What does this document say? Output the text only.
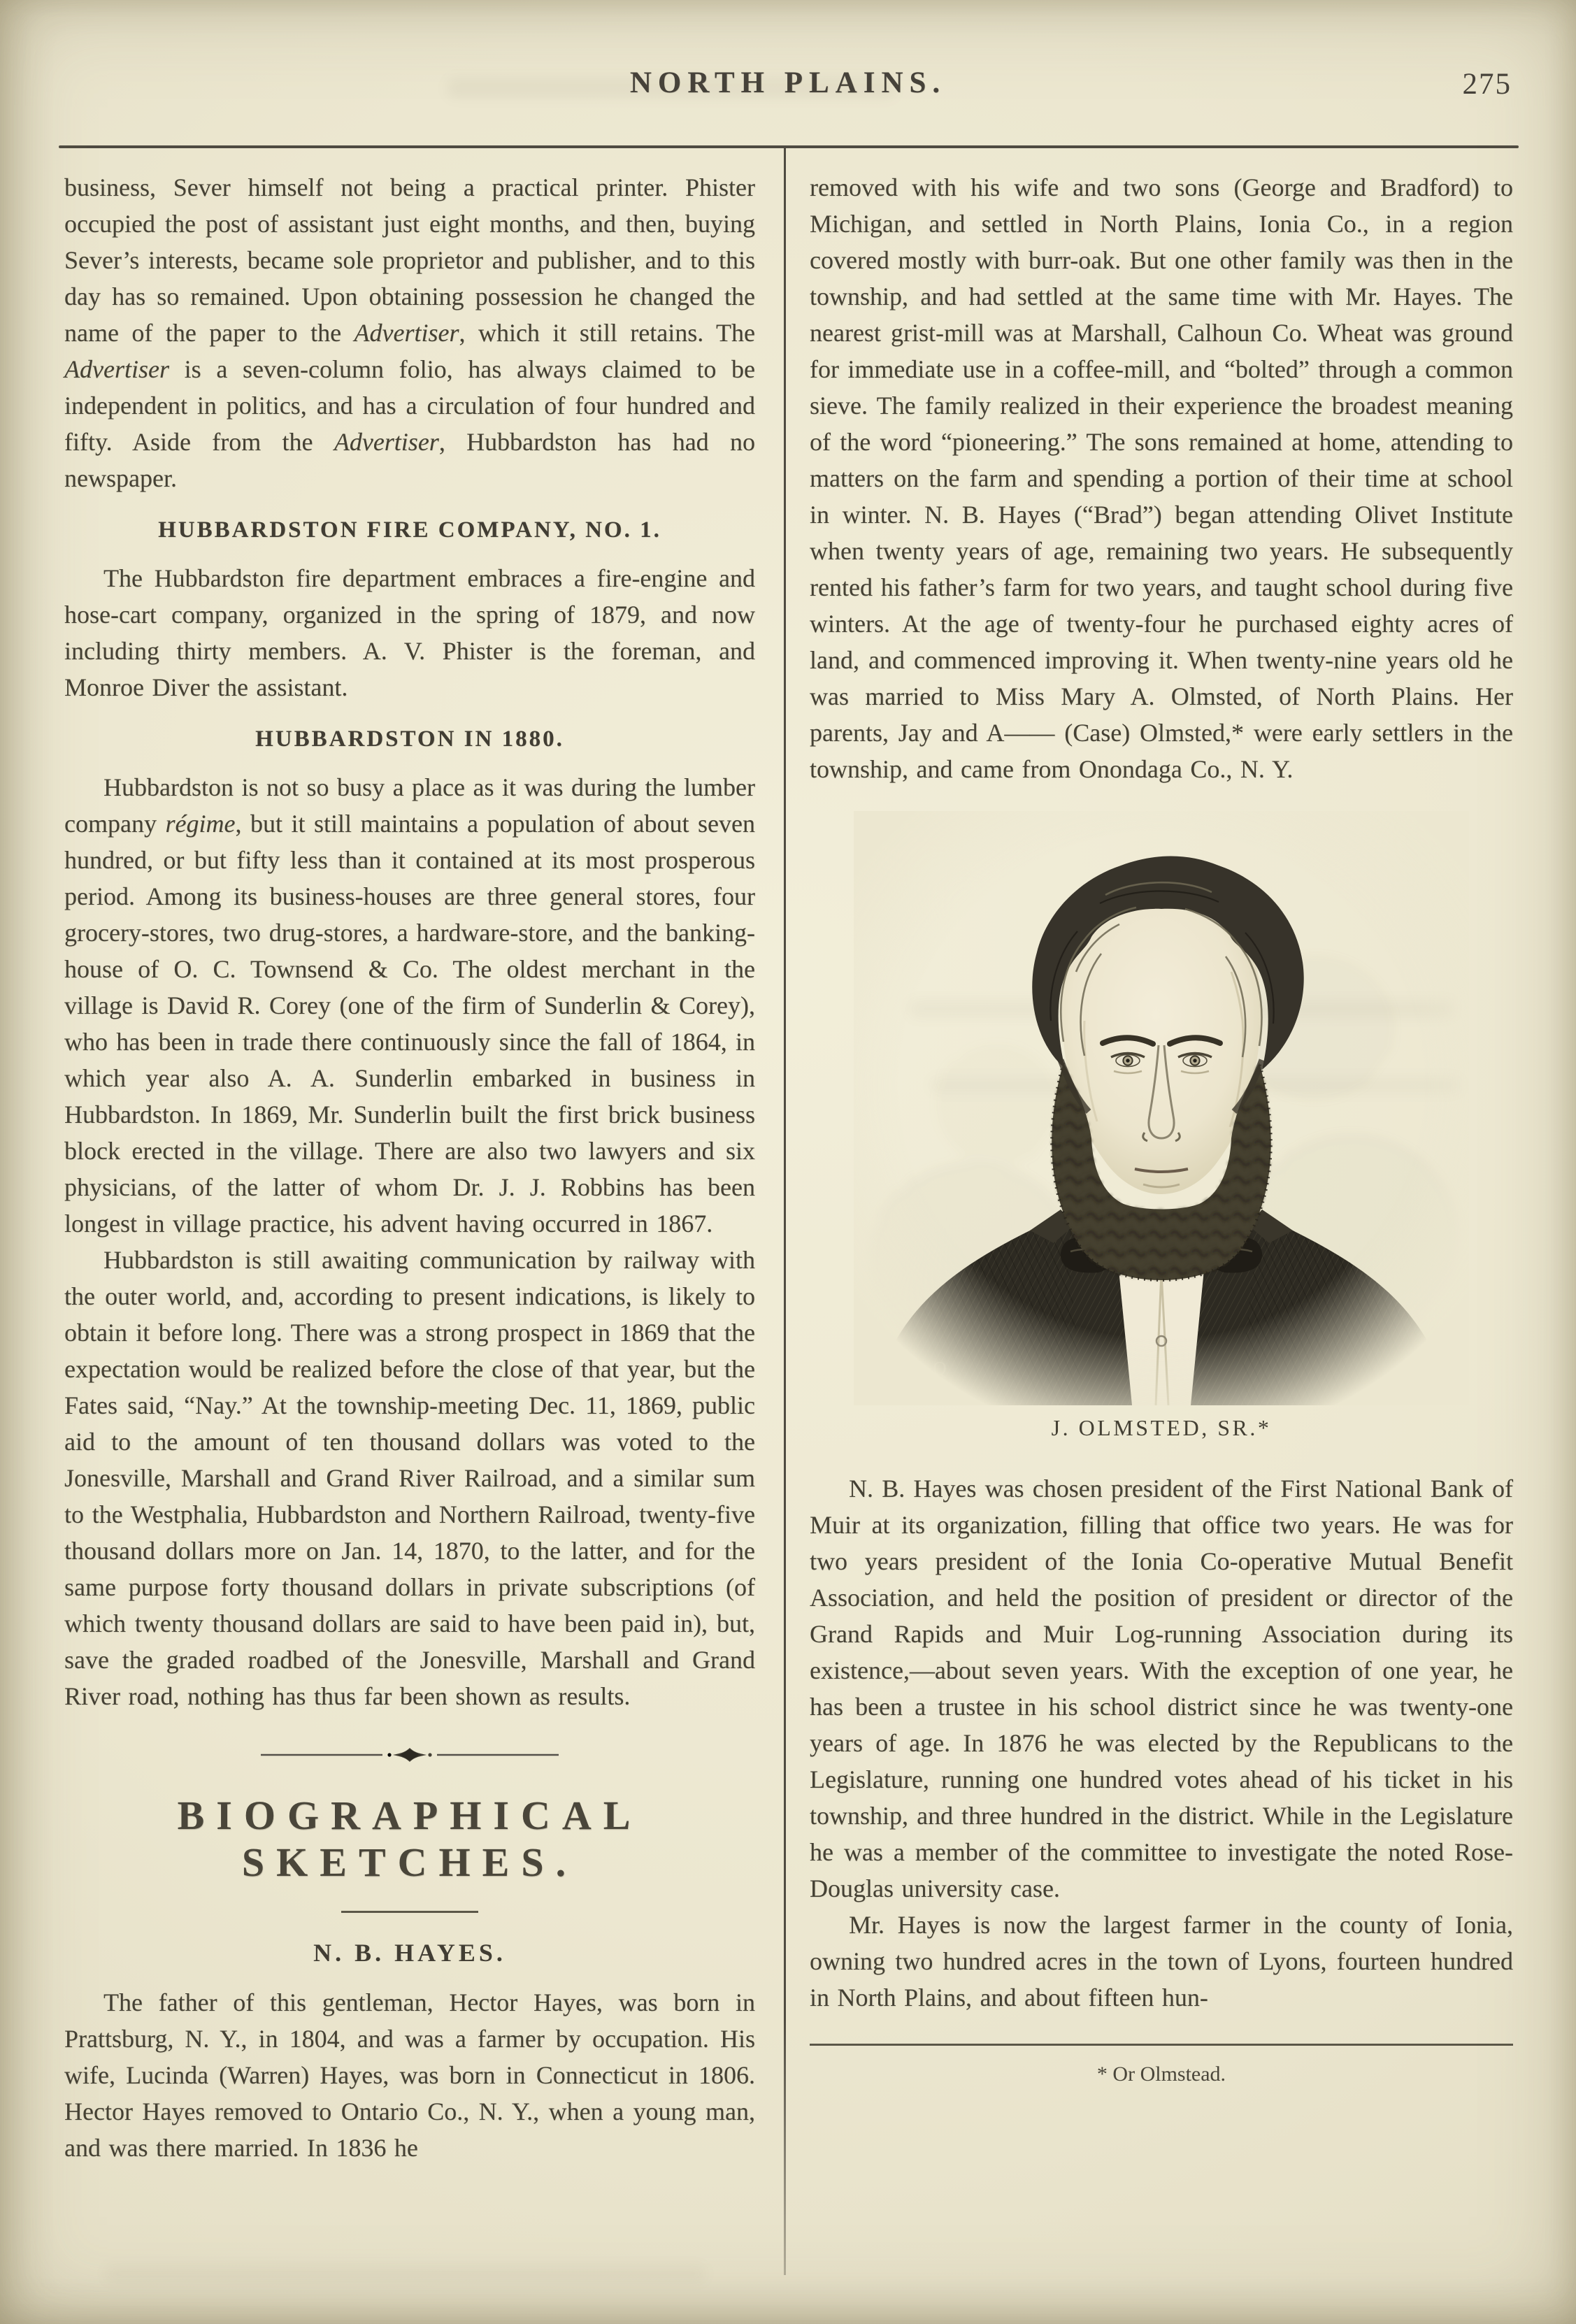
NORTH PLAINS.	275

business, Sever himself not being a practical printer. Phister occupied the post of assistant just eight months, and then, buying Sever’s interests, became sole proprietor and publisher, and to this day has so remained. Upon obtaining possession he changed the name of the paper to the Advertiser, which it still retains. The Advertiser is a seven-column folio, has always claimed to be independent in politics, and has a circulation of four hundred and fifty. Aside from the Advertiser, Hubbardston has had no newspaper.

HUBBARDSTON FIRE COMPANY, NO. 1.

The Hubbardston fire department embraces a fire-engine and hose-cart company, organized in the spring of 1879, and now including thirty members. A. V. Phister is the foreman, and Monroe Diver the assistant.

HUBBARDSTON IN 1880.

Hubbardston is not so busy a place as it was during the lumber company régime, but it still maintains a population of about seven hundred, or but fifty less than it contained at its most prosperous period. Among its business-houses are three general stores, four grocery-stores, two drug-stores, a hardware-store, and the banking-house of O. C. Townsend & Co. The oldest merchant in the village is David R. Corey (one of the firm of Sunderlin & Corey), who has been in trade there continuously since the fall of 1864, in which year also A. A. Sunderlin embarked in business in Hubbardston. In 1869, Mr. Sunderlin built the first brick business block erected in the village. There are also two lawyers and six physicians, of the latter of whom Dr. J. J. Robbins has been longest in village practice, his advent having occurred in 1867.

Hubbardston is still awaiting communication by railway with the outer world, and, according to present indications, is likely to obtain it before long. There was a strong prospect in 1869 that the expectation would be realized before the close of that year, but the Fates said, “Nay.” At the township-meeting Dec. 11, 1869, public aid to the amount of ten thousand dollars was voted to the Jonesville, Marshall and Grand River Railroad, and a similar sum to the Westphalia, Hubbardston and Northern Railroad, twenty-five thousand dollars more on Jan. 14, 1870, to the latter, and for the same purpose forty thousand dollars in private subscriptions (of which twenty thousand dollars are said to have been paid in), but, save the graded roadbed of the Jonesville, Marshall and Grand River road, nothing has thus far been shown as results.

BIOGRAPHICAL SKETCHES.
N. B. HAYES.

The father of this gentleman, Hector Hayes, was born in Prattsburg, N. Y., in 1804, and was a farmer by occupation. His wife, Lucinda (Warren) Hayes, was born in Connecticut in 1806. Hector Hayes removed to Ontario Co., N. Y., when a young man, and was there married. In 1836 he

removed with his wife and two sons (George and Bradford) to Michigan, and settled in North Plains, Ionia Co., in a region covered mostly with burr-oak. But one other family was then in the township, and had settled at the same time with Mr. Hayes. The nearest grist-mill was at Marshall, Calhoun Co. Wheat was ground for immediate use in a coffee-mill, and “bolted” through a common sieve. The family realized in their experience the broadest meaning of the word “pioneering.” The sons remained at home, attending to matters on the farm and spending a portion of their time at school in winter. N. B. Hayes (“Brad”) began attending Olivet Institute when twenty years of age, remaining two years. He subsequently rented his father’s farm for two years, and taught school during five winters. At the age of twenty-four he purchased eighty acres of land, and commenced improving it. When twenty-nine years old he was married to Miss Mary A. Olmsted, of North Plains. Her parents, Jay and A—— (Case) Olmsted,* were early settlers in the township, and came from Onondaga Co., N. Y.

J. OLMSTED, SR.*

N. B. Hayes was chosen president of the First National Bank of Muir at its organization, filling that office two years. He was for two years president of the Ionia Co-operative Mutual Benefit Association, and held the position of president or director of the Grand Rapids and Muir Log-running Association during its existence,—about seven years. With the exception of one year, he has been a trustee in his school district since he was twenty-one years of age. In 1876 he was elected by the Republicans to the Legislature, running one hundred votes ahead of his ticket in his township, and three hundred in the district. While in the Legislature he was a member of the committee to investigate the noted Rose-Douglas university case.

Mr. Hayes is now the largest farmer in the county of Ionia, owning two hundred acres in the town of Lyons, fourteen hundred in North Plains, and about fifteen hun-

* Or Olmstead.
